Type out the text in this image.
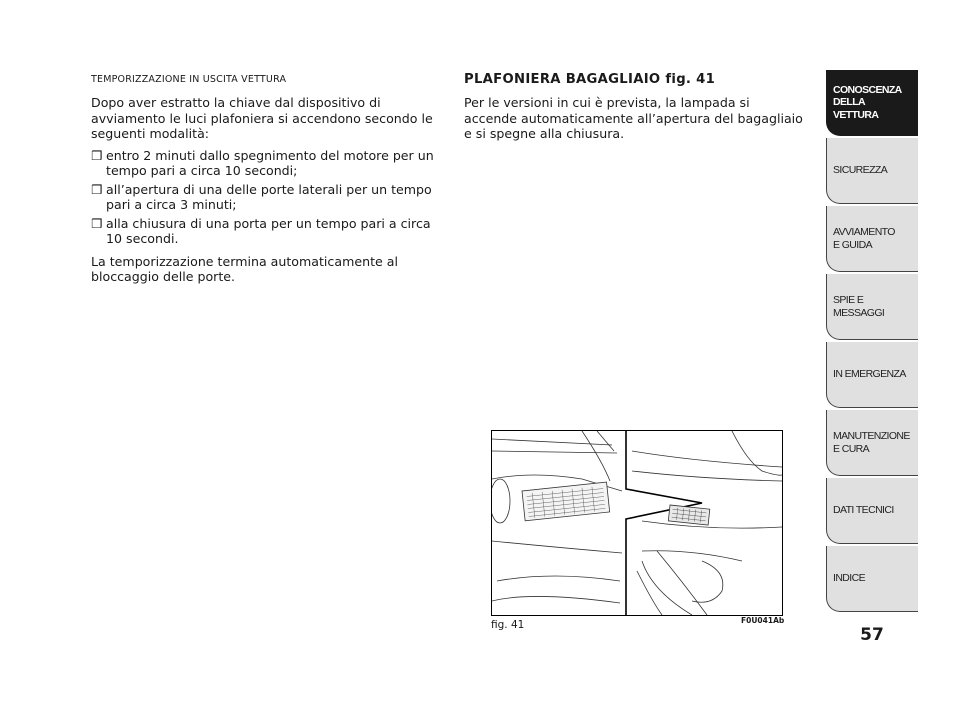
TEMPORIZZAZIONE IN USCITA VETTURA

Dopo aver estratto la chiave dal dispositivo di avviamento le luci plafoniera si accendono secondo le seguenti modalità:

❒ entro 2 minuti dallo spegnimento del motore per un tempo pari a circa 10 secondi;
❒ all’apertura di una delle porte laterali per un tempo pari a circa 3 minuti;
❒ alla chiusura di una porta per un tempo pari a circa 10 secondi.

La temporizzazione termina automaticamente al bloccaggio delle porte.

PLAFONIERA BAGAGLIAIO fig. 41

Per le versioni in cui è prevista, la lampada si accende automaticamente all’apertura del bagagliaio e si spegne alla chiusura.

fig. 41	F0U041Ab
CONOSCENZA
DELLA
VETTURA
SICUREZZA
AVVIAMENTO
E GUIDA
SPIE E
MESSAGGI
IN EMERGENZA
MANUTENZIONE
E CURA
DATI TECNICI
INDICE
57
